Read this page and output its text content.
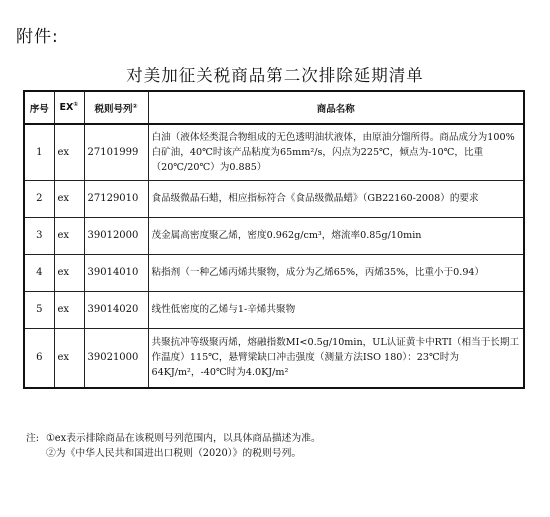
附件:
对美加征关税商品第二次排除延期清单
序号	EX①	税则号列②	商品名称
1	ex	27101999	白油（液体烃类混合物组成的无色透明油状液体，由原油分馏所得。商品成分为100%白矿油，40℃时该产品粘度为65mm²/s，闪点为225℃，倾点为-10℃，比重（20℃/20℃）为0.885）
2	ex	27129010	食品级微晶石蜡，相应指标符合《食品级微晶蜡》（GB22160-2008）的要求
3	ex	39012000	茂金属高密度聚乙烯，密度0.962g/cm³，熔流率0.85g/10min
4	ex	39014010	粘指剂（一种乙烯丙烯共聚物，成分为乙烯65%，丙烯35%，比重小于0.94）
5	ex	39014020	线性低密度的乙烯与1-辛烯共聚物
6	ex	39021000	共聚抗冲等级聚丙烯，熔融指数MI<0.5g/10min，UL认证黄卡中RTI（相当于长期工作温度）115℃，悬臂梁缺口冲击强度（测量方法ISO 180）：23℃时为64KJ/m²，-40℃时为4.0KJ/m²
注: ①ex表示排除商品在该税则号列范围内，以具体商品描述为准。
②为《中华人民共和国进出口税则（2020）》的税则号列。
